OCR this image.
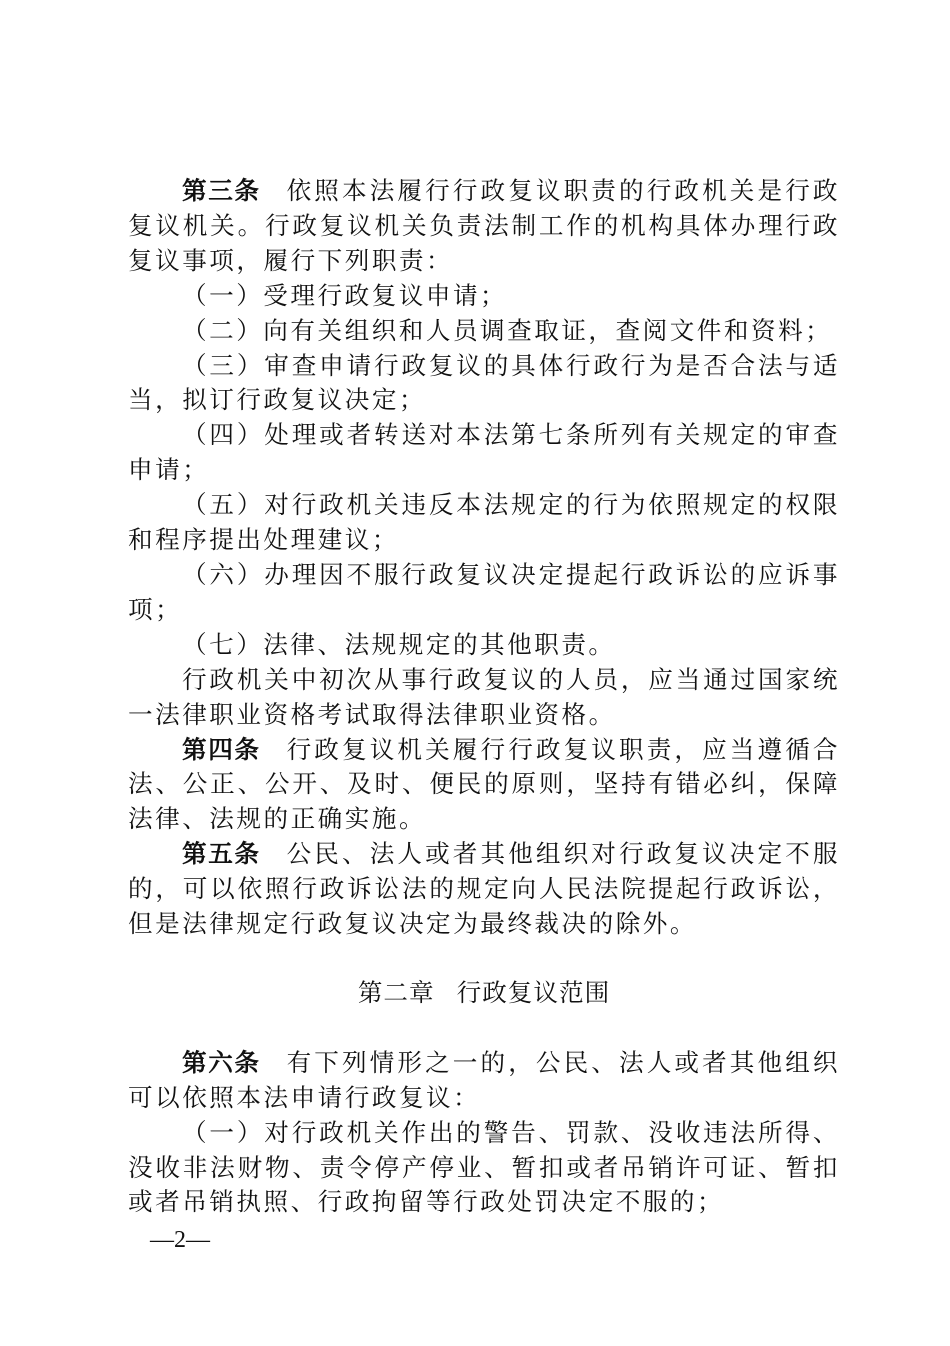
第三条 依照本法履行行政复议职责的行政机关是行政复议机关。行政复议机关负责法制工作的机构具体办理行政复议事项，履行下列职责：

（一）受理行政复议申请；

（二）向有关组织和人员调查取证，查阅文件和资料；

（三）审查申请行政复议的具体行政行为是否合法与适当，拟订行政复议决定；

（四）处理或者转送对本法第七条所列有关规定的审查申请；

（五）对行政机关违反本法规定的行为依照规定的权限和程序提出处理建议；

（六）办理因不服行政复议决定提起行政诉讼的应诉事项；

（七）法律、法规规定的其他职责。

行政机关中初次从事行政复议的人员，应当通过国家统一法律职业资格考试取得法律职业资格。

第四条 行政复议机关履行行政复议职责，应当遵循合法、公正、公开、及时、便民的原则，坚持有错必纠，保障法律、法规的正确实施。

第五条 公民、法人或者其他组织对行政复议决定不服的，可以依照行政诉讼法的规定向人民法院提起行政诉讼，但是法律规定行政复议决定为最终裁决的除外。

第二章 行政复议范围

第六条 有下列情形之一的，公民、法人或者其他组织可以依照本法申请行政复议：

（一）对行政机关作出的警告、罚款、没收违法所得、没收非法财物、责令停产停业、暂扣或者吊销许可证、暂扣或者吊销执照、行政拘留等行政处罚决定不服的；

—2—
